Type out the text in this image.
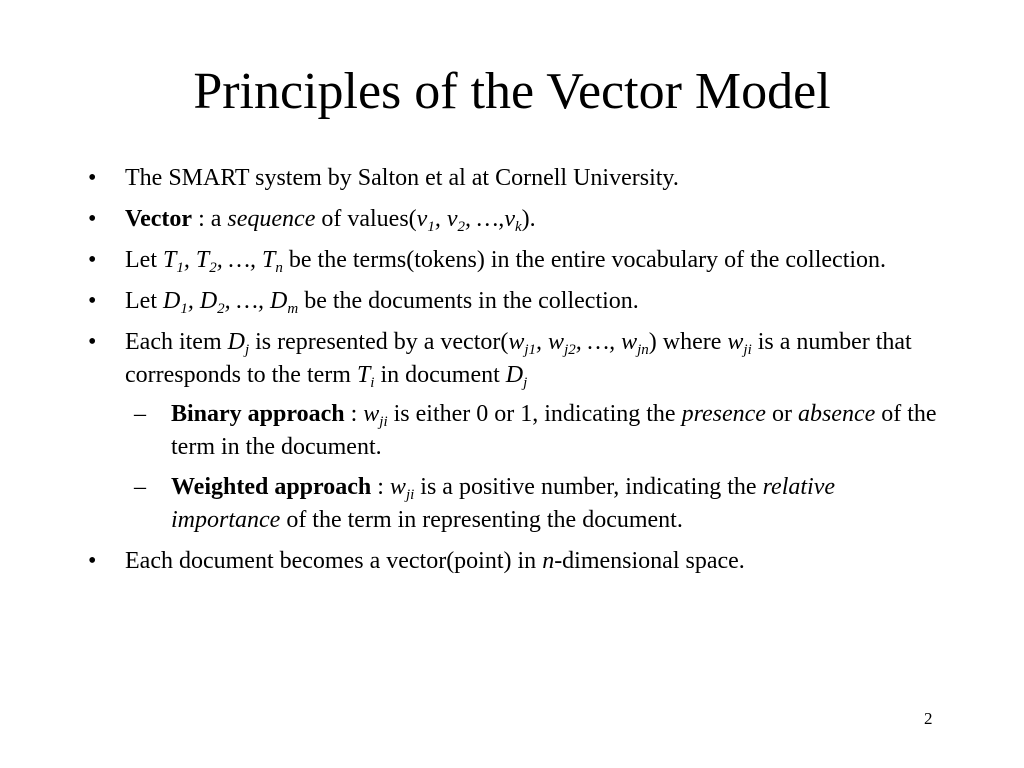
Principles of the Vector Model
• The SMART system by Salton et al at Cornell University.
• Vector : a sequence of $values(v_1$, $v_2$, $\dots,v_k$).
• Let $T_1$, $T_2$, …, $T_n$ be the terms(tokens) in the entire vocabulary of the collection.
• Let $D_1$, $D_2$, …, $D_m$ be the documents in the collection.
• Each item $D_j$ is represented by a $vector(w_{j1}$, $w_{j2}$, …, $w_{jn}$) where $w_{ji}$ is a number that corresponds to the term $T_i$ in document $D_j$
– Binary approach : $w_{ji}$ is either 0 or 1, indicating the presence or absence of the term in the document.
– Weighted approach : $w_{ji}$ is a positive number, indicating the relative importance of the term in representing the document.
• Each document becomes a vector(point) in n-dimensional space.
2
